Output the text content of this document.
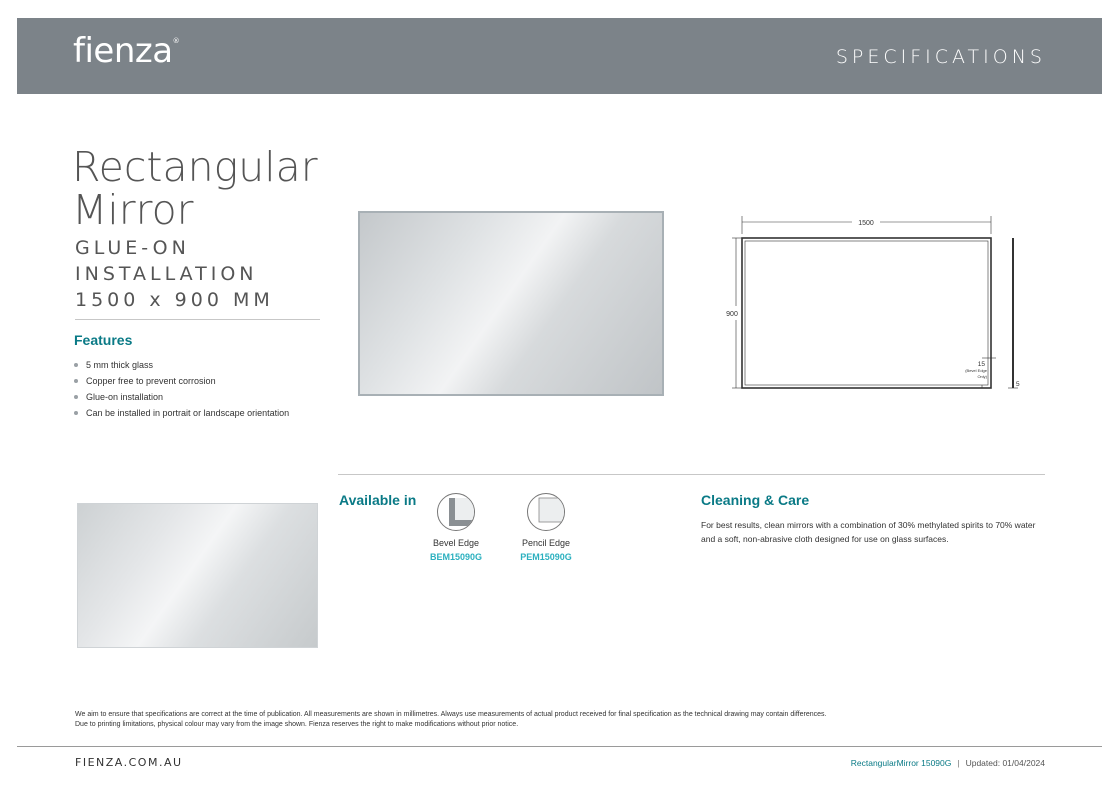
fienza®
SPECIFICATIONS
Rectangular
Mirror
GLUE-ON
INSTALLATION
1500 x 900 MM
Features
5 mm thick glass
Copper free to prevent corrosion
Glue-on installation
Can be installed in portrait or landscape orientation
1500
900
15
(Bevel Edge
Only)
5
Available in
Bevel Edge
BEM15090G
Pencil Edge
PEM15090G
Cleaning & Care
For best results, clean mirrors with a combination of 30% methylated spirits to 70% water and a soft, non-abrasive cloth designed for use on glass surfaces.
We aim to ensure that specifications are correct at the time of publication. All measurements are shown in millimetres. Always use measurements of actual product received for final specification as the technical drawing may contain differences.
Due to printing limitations, physical colour may vary from the image shown. Fienza reserves the right to make modifications without prior notice.
FIENZA.COM.AU	RectangularMirror 15090G | Updated: 01/04/2024
